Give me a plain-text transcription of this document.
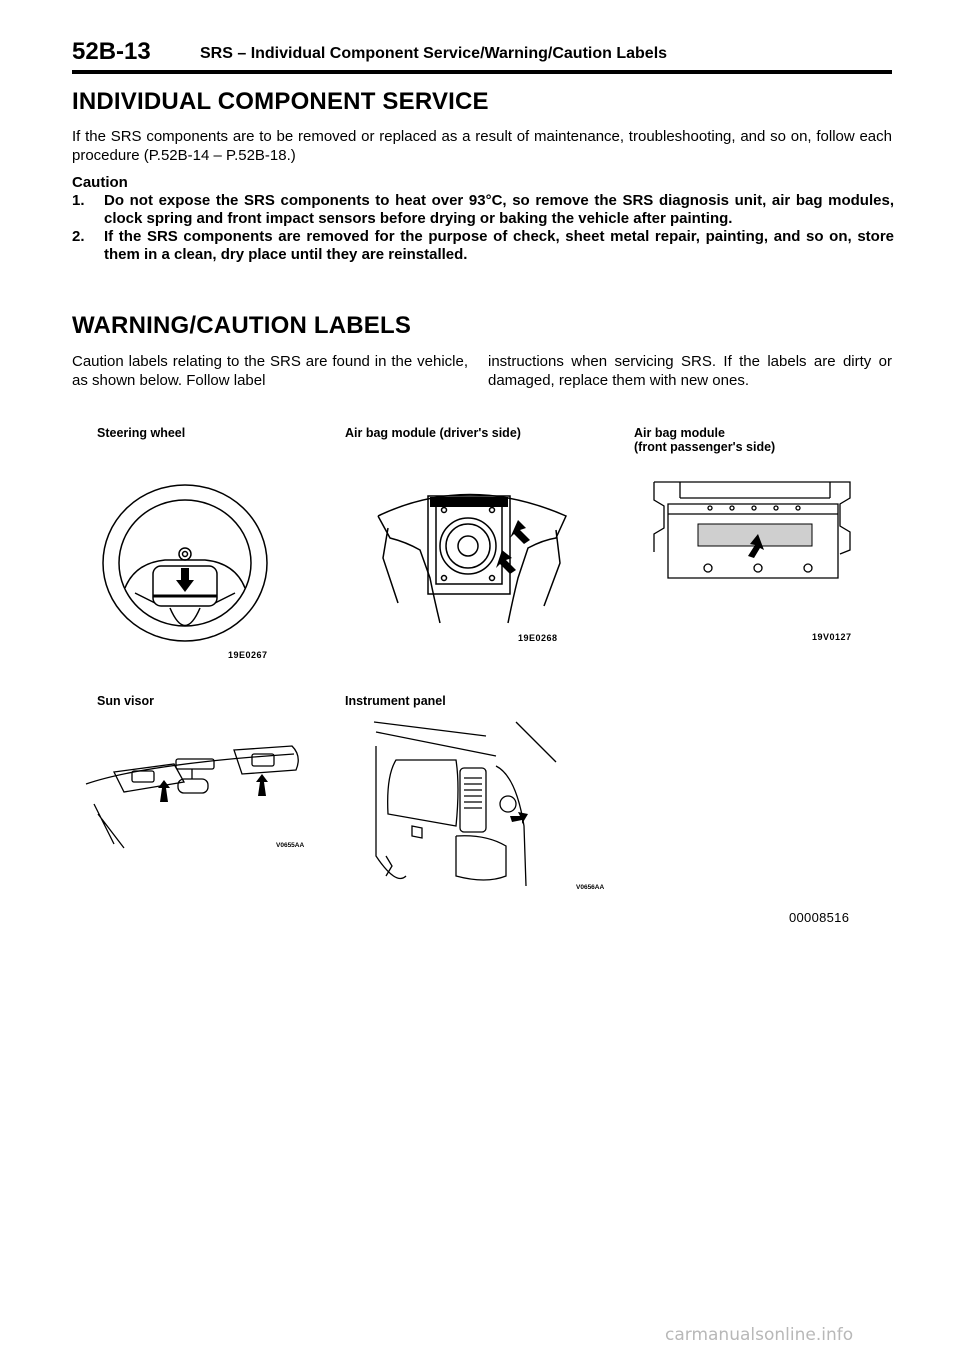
52B-13	SRS – Individual Component Service/Warning/Caution Labels
INDIVIDUAL COMPONENT SERVICE
If the SRS components are to be removed or replaced as a result of maintenance, troubleshooting, and so on, follow each procedure (P.52B-14 – P.52B-18.)
Caution
1.	Do not expose the SRS components to heat over 93°C, so remove the SRS diagnosis unit, air bag modules, clock spring and front impact sensors before drying or baking the vehicle after painting.
2.	If the SRS components are removed for the purpose of check, sheet metal repair, painting, and so on, store them in a clean, dry place until they are reinstalled.
WARNING/CAUTION LABELS
Caution labels relating to the SRS are found in the vehicle, as shown below. Follow label
instructions when servicing SRS. If the labels are dirty or damaged, replace them with new ones.
Steering wheel	Air bag module (driver's side)	Air bag module
(front passenger's side)
Sun visor	Instrument panel
19E0267
19E0268	19V0127
V0655AA
V0656AA
00008516
carmanualsonline.info
